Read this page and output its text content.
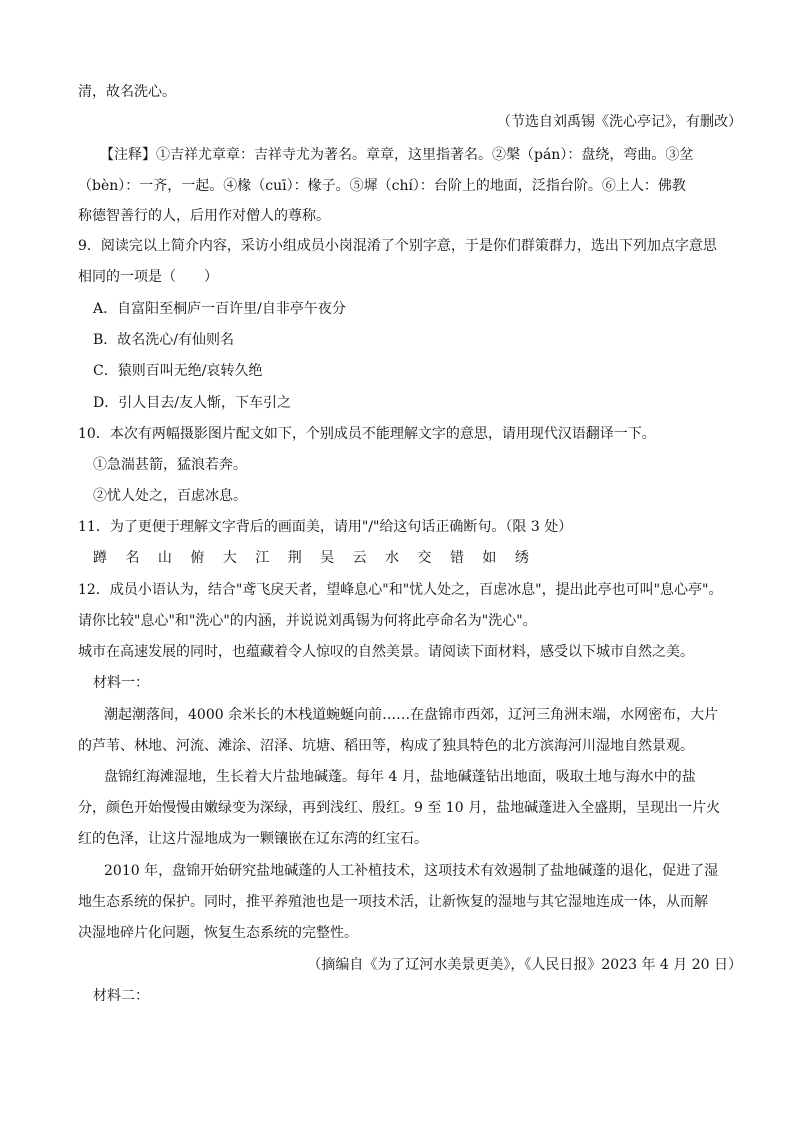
清，故名洗心。
（节选自刘禹锡《洗心亭记》，有删改）
【注释】①吉祥尤章章：吉祥寺尤为著名。章章，这里指著名。②槃（pán）：盘绕，弯曲。③坌
（bèn）：一齐，一起。④椽（cuī）：椽子。⑤墀（chí）：台阶上的地面，泛指台阶。⑥上人：佛教
称德智善行的人，后用作对僧人的尊称。
9．阅读完以上简介内容，采访小组成员小岗混淆了个别字意，于是你们群策群力，选出下列加点字意思
相同的一项是（　　）
A．自富阳至桐庐一百许里/自非亭午夜分
B．故名洗心/有仙则名
C．猿则百叫无绝/哀转久绝
D．引人目去/友人惭，下车引之
10．本次有两幅摄影图片配文如下，个别成员不能理解文字的意思，请用现代汉语翻译一下。
①急湍甚箭，猛浪若奔。
②忧人处之，百虑冰息。
11．为了更便于理解文字背后的画面美，请用"/"给这句话正确断句。（限 3 处）
蹲 名 山 俯 大 江 荆 吴 云 水 交 错 如 绣
12．成员小语认为，结合"鸢飞戾天者，望峰息心"和"忧人处之，百虑冰息"，提出此亭也可叫"息心亭"。
请你比较"息心"和"洗心"的内涵，并说说刘禹锡为何将此亭命名为"洗心"。
城市在高速发展的同时，也蕴藏着令人惊叹的自然美景。请阅读下面材料，感受以下城市自然之美。
材料一：
潮起潮落间，4000 余米长的木栈道蜿蜒向前……在盘锦市西郊，辽河三角洲末端，水网密布，大片
的芦苇、林地、河流、滩涂、沼泽、坑塘、稻田等，构成了独具特色的北方滨海河川湿地自然景观。
盘锦红海滩湿地，生长着大片盐地碱蓬。每年 4 月，盐地碱蓬钻出地面，吸取土地与海水中的盐
分，颜色开始慢慢由嫩绿变为深绿，再到浅红、殷红。9 至 10 月，盐地碱蓬进入全盛期，呈现出一片火
红的色泽，让这片湿地成为一颗镶嵌在辽东湾的红宝石。
2010 年，盘锦开始研究盐地碱蓬的人工补植技术，这项技术有效遏制了盐地碱蓬的退化，促进了湿
地生态系统的保护。同时，推平养殖池也是一项技术活，让新恢复的湿地与其它湿地连成一体，从而解
决湿地碎片化问题，恢复生态系统的完整性。
（摘编自《为了辽河水美景更美》，《人民日报》2023 年 4 月 20 日）
材料二：
